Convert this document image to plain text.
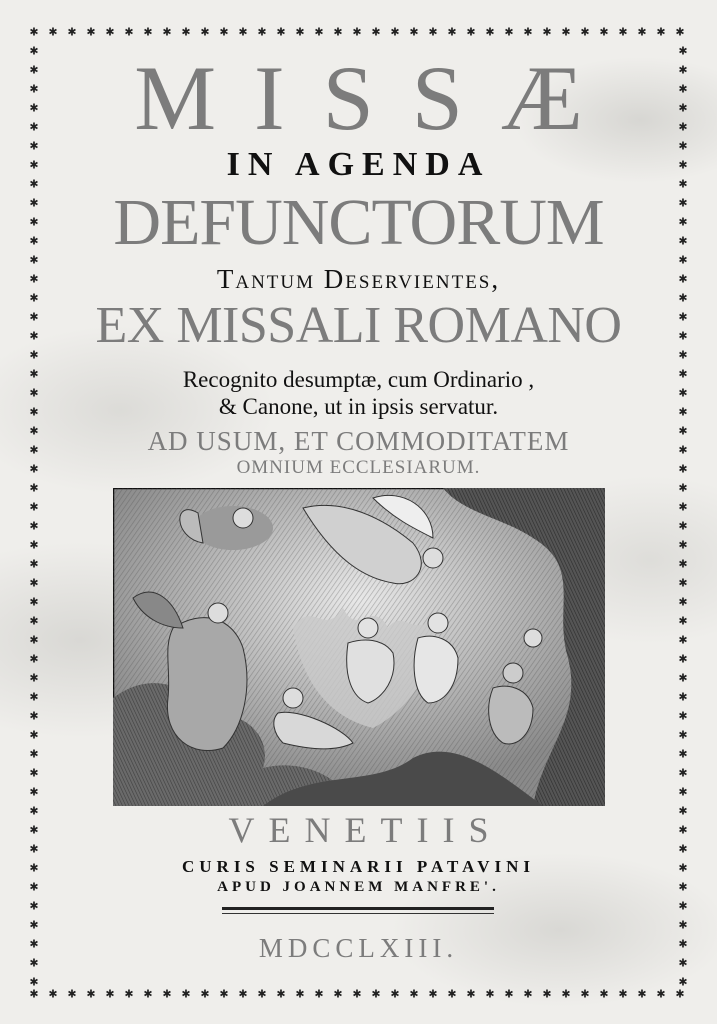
✱
✱
✱
✱
✱
✱
✱
✱
✱
✱
✱
✱
✱
✱
✱
✱
✱
✱
✱
✱
✱
✱
✱
✱
✱
✱
✱
✱
✱
✱
✱
✱
✱
✱
✱
✱
✱
✱
✱
✱
✱
✱
✱
✱
✱
✱
✱
✱
✱
✱
✱
✱
✱
✱
✱
✱
✱
✱
✱
✱
✱
✱
✱
✱
✱
✱
✱
✱
✱
✱
✱	✱
✱	✱
✱	✱
✱	✱
✱	✱
✱	✱
✱	✱
✱	✱
✱	✱
✱	✱
✱	✱
✱	✱
✱	✱
✱	✱
✱	✱
✱	✱
✱	✱
✱	✱
✱	✱
✱	✱
✱	✱
✱	✱
✱	✱
✱	✱
✱	✱
✱	✱
✱	✱
✱	✱
✱	✱
✱	✱
✱	✱
✱	✱
✱	✱
✱	✱
✱	✱
✱	✱
✱	✱
✱	✱
✱	✱
✱	✱
✱	✱
✱	✱
✱	✱
✱	✱
✱	✱
✱	✱
✱	✱
✱	✱
✱	✱
✱	✱
MISSÆ
IN AGENDA
DEFUNCTORUM
Tantum Deservientes,
EX MISSALI ROMANO
Recognito desumptæ, cum Ordinario ,
& Canone, ut in ipsis servatur.
AD USUM, ET COMMODITATEM
OMNIUM ECCLESIARUM.
VENETIIS
CURIS SEMINARII PATAVINI
APUD JOANNEM MANFRE'.
MDCCLXIII.
